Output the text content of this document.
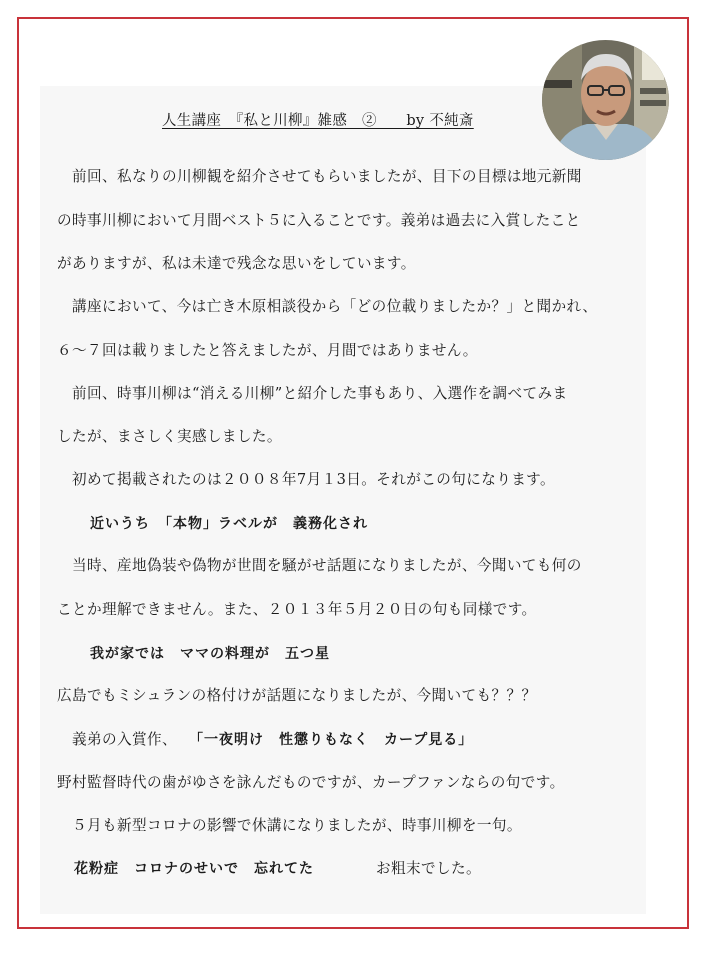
人生講座　『私と川柳』雑感　②　　by 不純斎
　前回、私なりの川柳観を紹介させてもらいましたが、目下の目標は地元新聞
の時事川柳において月間ベスト５に入ることです。義弟は過去に入賞したこと
がありますが、私は未達で残念な思いをしています。
　講座において、今は亡き木原相談役から「どの位載りましたか？」と聞かれ、
６～７回は載りましたと答えましたが、月間ではありません。
　前回、時事川柳は“消える川柳”と紹介した事もあり、入選作を調べてみま
したが、まさしく実感しました。
　初めて掲載されたのは２００８年7月１3日。それがこの句になります。
近いうち　「本物」ラベルが　義務化され
　当時、産地偽装や偽物が世間を騒がせ話題になりましたが、今聞いても何の
ことか理解できません。また、２０１３年５月２０日の句も同様です。
我が家では　ママの料理が　五つ星
広島でもミシュランの格付けが話題になりましたが、今聞いても？？？
　義弟の入賞作、 「一夜明け　性懲りもなく　カープ見る」
野村監督時代の歯がゆさを詠んだものですが、カープファンならの句です。
　５月も新型コロナの影響で休講になりましたが、時事川柳を一句。
花粉症　コロナのせいで　忘れてた	お粗末でした。
